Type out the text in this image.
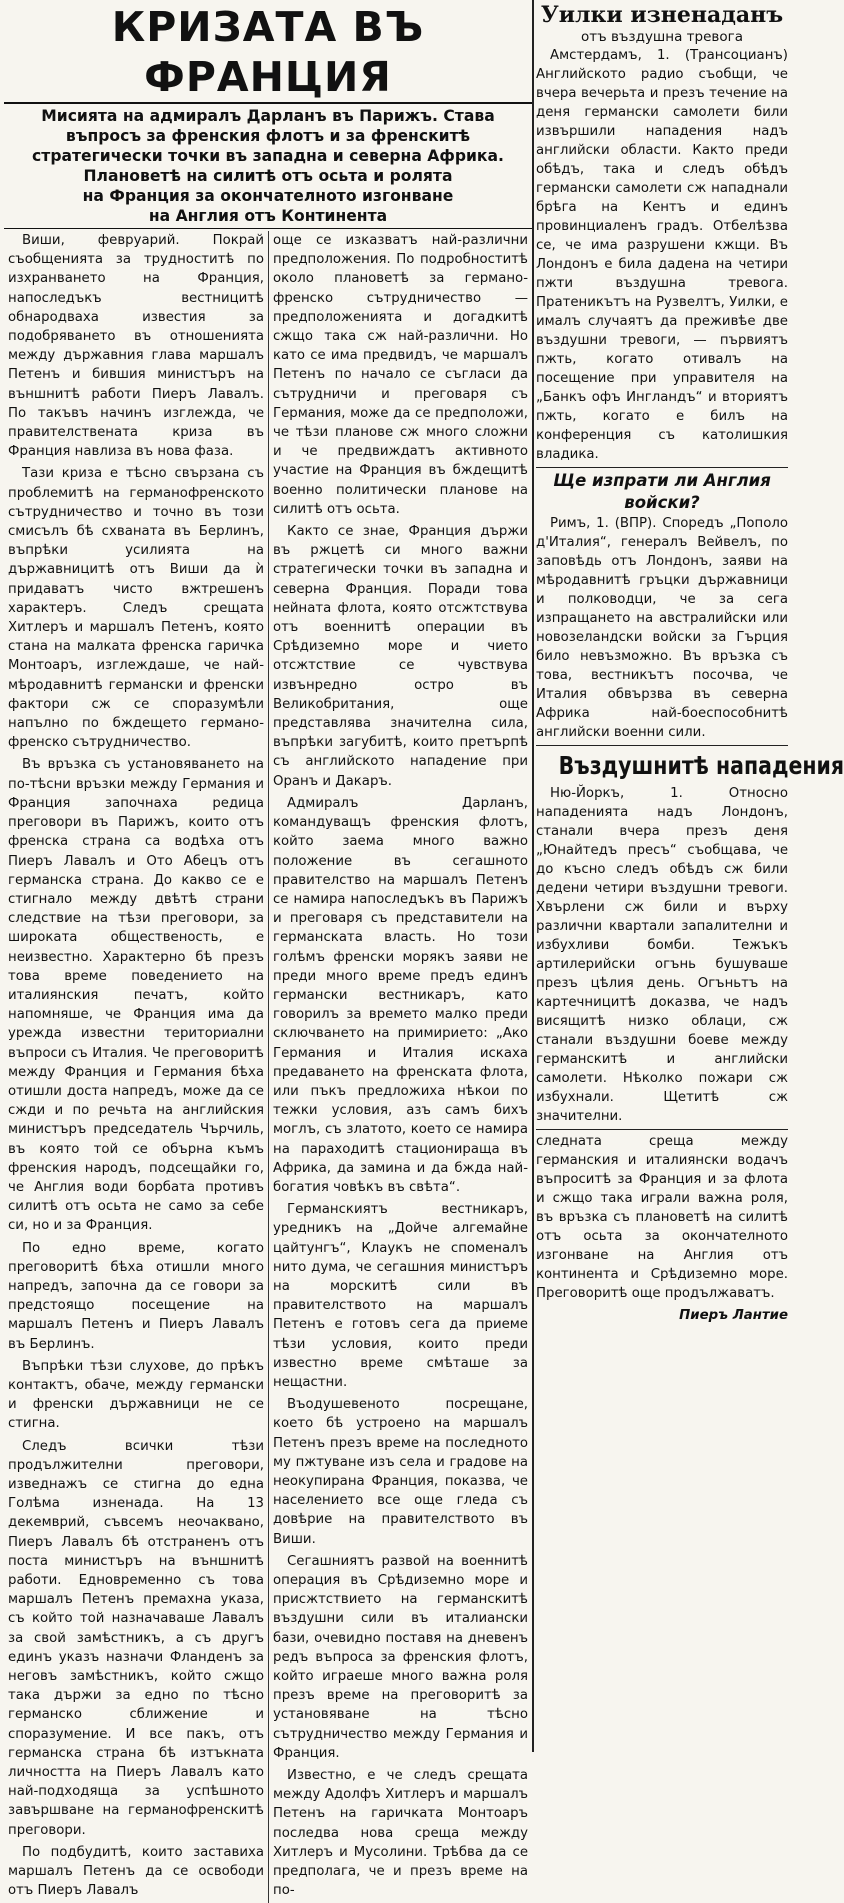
КРИЗАТА ВЪ ФРАНЦИЯ
Мисията на адмиралъ Дарланъ въ Парижъ. Става въпросъ за френския флотъ и за френскитѣ
стратегически точки въ западна и северна Африка. Плановетѣ на силитѣ отъ осьта и ролята
на Франция за окончателното изгонване
на Англия отъ Континента

Виши, февруарий. Покрай съобщенията за трудноститѣ по изхранването на Франция, напоследъкъ вестницитѣ обнародваха известия за подобряването въ отношенията между държавния глава маршалъ Петенъ и бившия министъръ на външнитѣ работи Пиеръ Лавалъ. По такъвъ начинъ изглежда, че правителствената криза въ Франция навлиза въ нова фаза.

Тази криза е тѣсно свързана съ проблемитѣ на германофренското сътрудничество и точно въ този смисълъ бѣ схваната въ Берлинъ, въпрѣки усилията на държавницитѣ отъ Виши да ѝ придаватъ чисто вжтрешенъ характеръ. Следъ срещата Хитлеръ и маршалъ Петенъ, която стана на малката френска гаричка Монтоаръ, изглеждаше, че най-мѣродавнитѣ германски и френски фактори сж се споразумѣли напълно по бждещето германо-френско сътрудничество.

Въ връзка съ установяването на по-тѣсни връзки между Германия и Франция започнаха редица преговори въ Парижъ, които отъ френска страна са водѣха отъ Пиеръ Лавалъ и Ото Абецъ отъ германска страна. До какво се е стигнало между двѣтѣ страни следствие на тѣзи преговори, за широката общественость, е неизвестно. Характерно бѣ презъ това време поведението на италиянския печатъ, който напомняше, че Франция има да урежда известни териториални въпроси съ Италия. Че преговоритѣ между Франция и Германия бѣха отишли доста напредъ, може да се сжди и по речьта на английския министъръ председатель Чърчиль, въ която той се обърна къмъ френския народъ, подсещайки го, че Англия води борбата противъ силитѣ отъ осьта не само за себе си, но и за Франция.

По едно време, когато преговоритѣ бѣха отишли много напредъ, започна да се говори за предстоящо посещение на маршалъ Петенъ и Пиеръ Лавалъ въ Берлинъ.

Въпрѣки тѣзи слухове, до прѣкъ контактъ, обаче, между германски и френски държавници не се стигна.

Следъ всички тѣзи продължителни преговори, изведнажъ се стигна до една Голѣма изненада. На 13 декемврий, съвсемъ неочаквано, Пиеръ Лавалъ бѣ отстраненъ отъ поста министъръ на външнитѣ работи. Едновременно съ това маршалъ Петенъ премахна указа, съ който той назначаваше Лавалъ за свой замѣстникъ, а съ другъ единъ указъ назначи Фланденъ за неговъ замѣстникъ, който сжщо така държи за едно по тѣсно германско сближение и споразумение. И все пакъ, отъ германска страна бѣ изтъкната личността на Пиеръ Лавалъ като най-подходяща за успѣшното завършване на германофренскитѣ преговори.

По подбудитѣ, които заставиха маршалъ Петенъ да се освободи отъ Пиеръ Лавалъ

още се изказватъ най-различни предположения. По подробноститѣ около плановетѣ за германо-френско сътрудничество — предположенията и догадкитѣ сжщо така сж най-различни. Но като се има предвидъ, че маршалъ Петенъ по начало се съгласи да сътрудничи и преговаря съ Германия, може да се предположи, че тѣзи планове сж много сложни и че предвиждатъ активното участие на Франция въ бждещитѣ военно политически планове на силитѣ отъ осьта.

Както се знае, Франция държи въ ржцетѣ си много важни стратегически точки въ западна и северна Франция. Поради това нейната флота, която отсжтствува отъ военнитѣ операции въ Срѣдиземно море и чието отсжтствие се чувствува извънредно остро въ Великобритания, още представлява значителна сила, въпрѣки загубитѣ, които претърпѣ съ английското нападение при Оранъ и Дакаръ.

Адмиралъ Дарланъ, командуващъ френския флотъ, който заема много важно положение въ сегашното правителство на маршалъ Петенъ се намира напоследъкъ въ Парижъ и преговаря съ представители на германската власть. Но този голѣмъ френски морякъ заяви не преди много време предъ единъ германски вестникаръ, като говорилъ за времето малко преди сключването на примирието: „Ако Германия и Италия искаха предаването на френската флота, или пъкъ предложиха нѣкои по тежки условия, азъ самъ бихъ моглъ, съ златото, което се намира на параходитѣ стационираща въ Африка, да замина и да бжда най-богатия човѣкъ въ свѣта“.

Германскиятъ вестникаръ, уредникъ на „Дойче алгемайне цайтунгъ“, Клаукъ не споменалъ нито дума, че сегашния министъръ на морскитѣ сили въ правителството на маршалъ Петенъ е готовъ сега да приеме тѣзи условия, които преди известно време смѣташе за нещастни.

Въодушевеното посрещане, което бѣ устроено на маршалъ Петенъ презъ време на последното му пжтуване изъ села и градове на неокупирана Франция, показва, че населението все още гледа съ довѣрие на правителството въ Виши.

Сегашниятъ развой на военнитѣ операция въ Срѣдиземно море и присжтствието на германскитѣ въздушни сили въ италиански бази, очевидно поставя на дневенъ редъ въпроса за френския флотъ, който играеше много важна роля презъ време на преговоритѣ за установяване на тѣсно сътрудничество между Германия и Франция.

Известно, е че следъ срещата между Адолфъ Хитлеръ и маршалъ Петенъ на гаричката Монтоаръ последва нова среща между Хитлеръ и Мусолини. Трѣбва да се предполага, че и презъ време на по-

Уилки изненаданъ
отъ въздушна тревога

Амстердамъ, 1. (Трансоцианъ) Английското радио съобщи, че вчера вечерьта и презъ течение на деня германски самолети били извършили нападения надъ английски области. Както преди обѣдъ, така и следъ обѣдъ германски самолети сж нападнали брѣга на Кентъ и единъ провинциаленъ градъ. Отбелѣзва се, че има разрушени кжщи. Въ Лондонъ е била дадена на четири пжти въздушна тревога. Пратеникътъ на Рузвелтъ, Уилки, е ималъ случаятъ да преживѣе две въздушни тревоги, — първиятъ пжть, когато отивалъ на посещение при управителя на „Банкъ офъ Ингландъ“ и вториятъ пжть, когато е билъ на конференция съ католишкия владика.

Ще изпрати ли Англия войски?

Римъ, 1. (ВПР). Споредъ „Пополо д'Италия“, генералъ Вейвелъ, по заповѣдь отъ Лондонъ, заяви на мѣродавнитѣ гръцки държавници и полководци, че за сега изпращането на австралийски или новозеландски войски за Гърция било невъзможно. Въ връзка съ това, вестникътъ посочва, че Италия обвързва въ северна Африка най-боеспособнитѣ английски военни сили.

Въздушнитѣ нападения

Ню-Йоркъ, 1. Относно нападенията надъ Лондонъ, станали вчера презъ деня „Юнайтедъ пресъ“ съобщава, че до късно следъ обѣдъ сж били дедени четири въздушни тревоги. Хвърлени сж били и върху различни квартали запалителни и избухливи бомби. Тежъкъ артилерийски огънь бушуваше презъ цѣлия день. Огъньтъ на картечницитѣ доказва, че надъ висящитѣ низко облаци, сж станали въздушни боеве между германскитѣ и английски самолети. Нѣколко пожари сж избухнали. Щетитѣ сж значителни.

следната среща между германския и италиянски водачъ въпроситѣ за Франция и за флота и сжщо така играли важна роля, въ връзка съ плановетѣ на силитѣ отъ осьта за окончателното изгонване на Англия отъ континента и Срѣдиземно море. Преговоритѣ още продължаватъ.

Пиеръ Лантие
